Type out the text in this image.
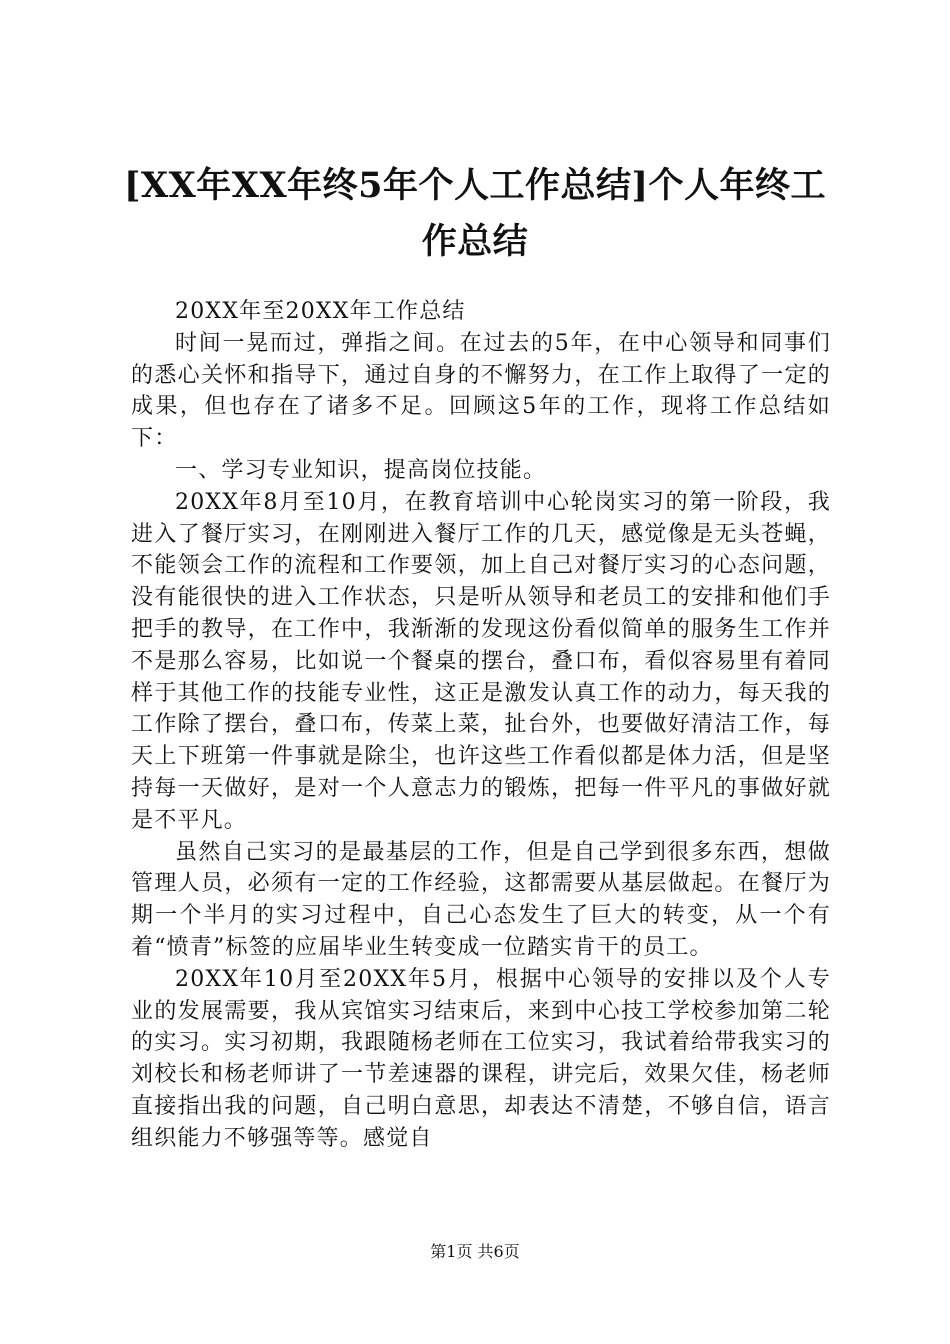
[XX年XX年终5年个人工作总结]个人年终工作总结

20XX年至20XX年工作总结

时间一晃而过，弹指之间。在过去的5年，在中心领导和同事们的悉心关怀和指导下，通过自身的不懈努力，在工作上取得了一定的成果，但也存在了诸多不足。回顾这5年的工作，现将工作总结如下：

一、学习专业知识，提高岗位技能。

20XX年8月至10月，在教育培训中心轮岗实习的第一阶段，我进入了餐厅实习，在刚刚进入餐厅工作的几天，感觉像是无头苍蝇，不能领会工作的流程和工作要领，加上自己对餐厅实习的心态问题，没有能很快的进入工作状态，只是听从领导和老员工的安排和他们手把手的教导，在工作中，我渐渐的发现这份看似简单的服务生工作并不是那么容易，比如说一个餐桌的摆台，叠口布，看似容易里有着同样于其他工作的技能专业性，这正是激发认真工作的动力，每天我的工作除了摆台，叠口布，传菜上菜，扯台外，也要做好清洁工作，每天上下班第一件事就是除尘，也许这些工作看似都是体力活，但是坚持每一天做好，是对一个人意志力的锻炼，把每一件平凡的事做好就是不平凡。

虽然自己实习的是最基层的工作，但是自己学到很多东西，想做管理人员，必须有一定的工作经验，这都需要从基层做起。在餐厅为期一个半月的实习过程中，自己心态发生了巨大的转变，从一个有着“愤青”标签的应届毕业生转变成一位踏实肯干的员工。

20XX年10月至20XX年5月，根据中心领导的安排以及个人专业的发展需要，我从宾馆实习结束后，来到中心技工学校参加第二轮的实习。实习初期，我跟随杨老师在工位实习，我试着给带我实习的刘校长和杨老师讲了一节差速器的课程，讲完后，效果欠佳，杨老师直接指出我的问题，自己明白意思，却表达不清楚，不够自信，语言组织能力不够强等等。感觉自

第1页 共6页
